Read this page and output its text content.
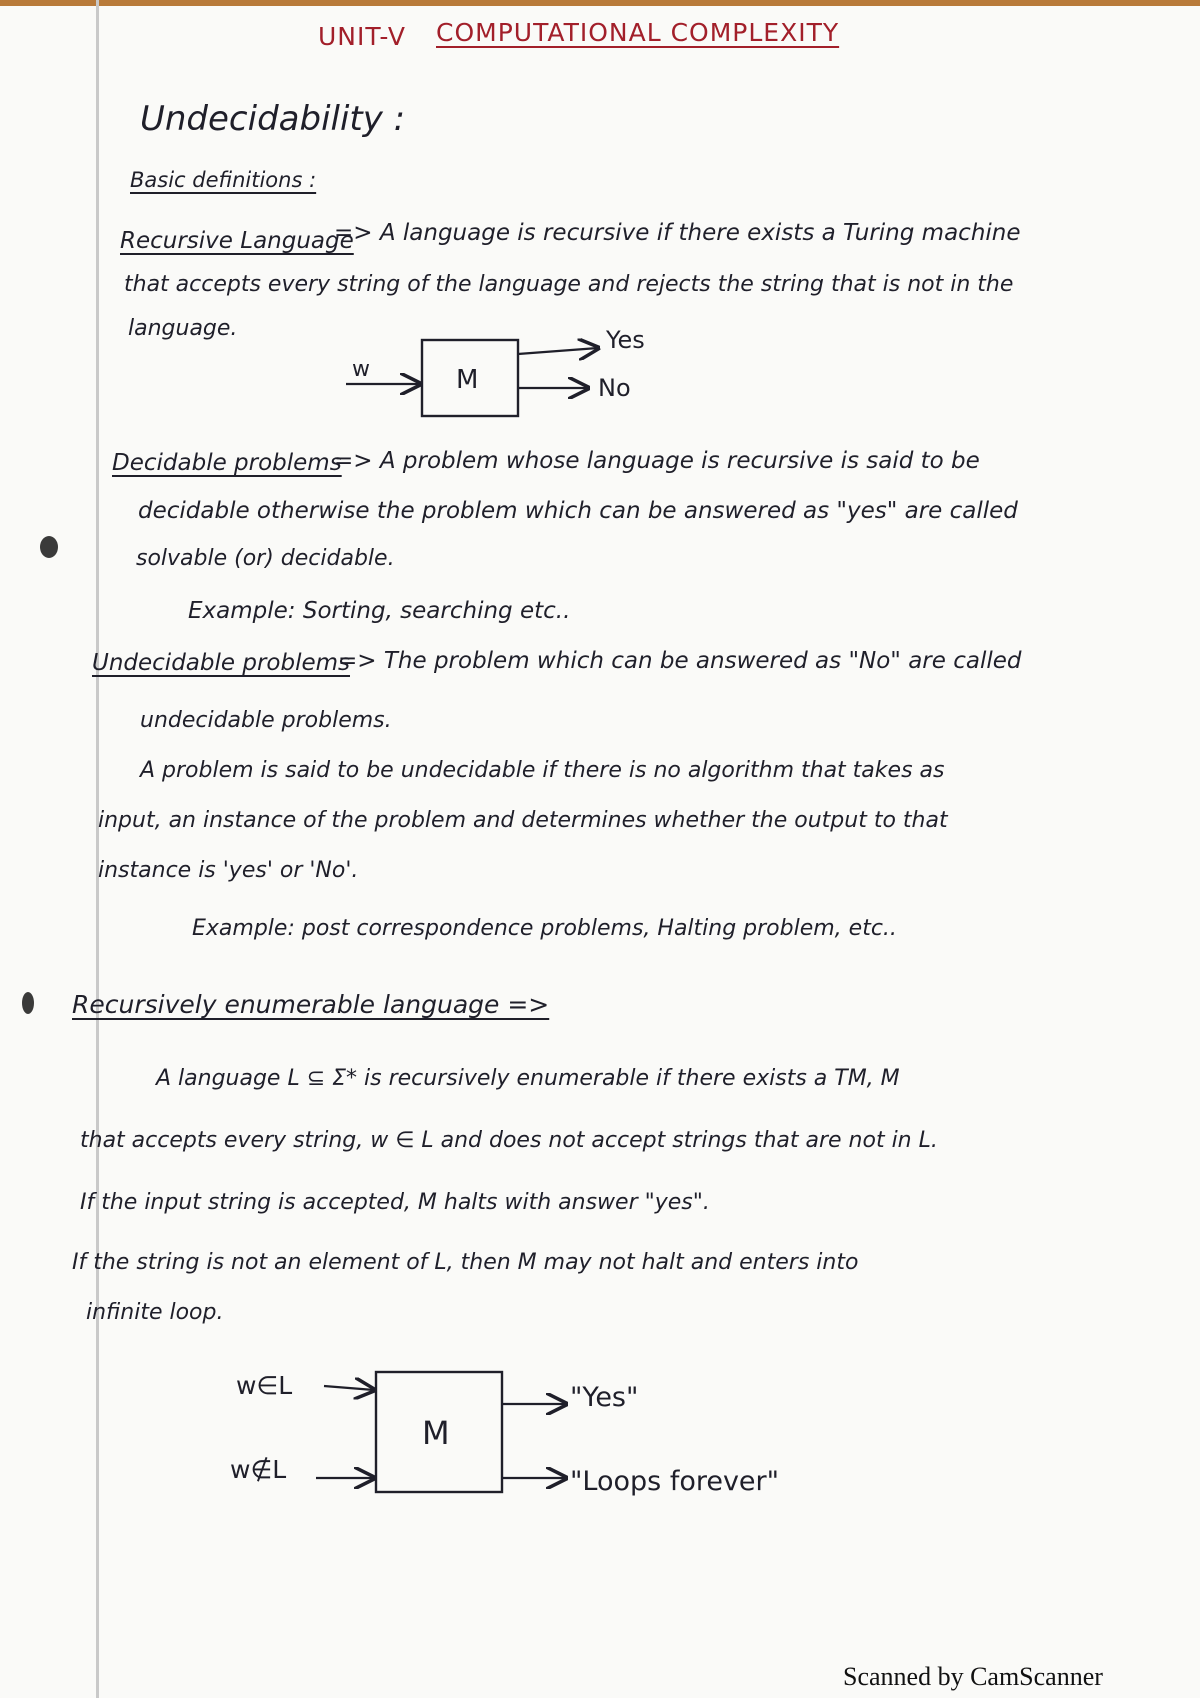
UNIT-V COMPUTATIONAL COMPLEXITY
Undecidability :
Basic definitions :
Recursive Language
=> A language is recursive if there exists a Turing machine
that accepts every string of the language and rejects the string that is not in the
language.
w	M
Yes
No
Decidable problems
=> A problem whose language is recursive is said to be
decidable otherwise the problem which can be answered as "yes" are called
solvable (or) decidable.
Example: Sorting, searching etc..
Undecidable problems
=> The problem which can be answered as "No" are called
undecidable problems.
A problem is said to be undecidable if there is no algorithm that takes as
input, an instance of the problem and determines whether the output to that
instance is 'yes' or 'No'.
Example: post correspondence problems, Halting problem, etc..
Recursively enumerable language =>
A language L ⊆ Σ* is recursively enumerable if there exists a TM, M
that accepts every string, w ∈ L and does not accept strings that are not in L.
If the input string is accepted, M halts with answer "yes".
If the string is not an element of L, then M may not halt and enters into
infinite loop.
w∈L
w∉L
M
"Yes"
"Loops forever"
Scanned by CamScanner
